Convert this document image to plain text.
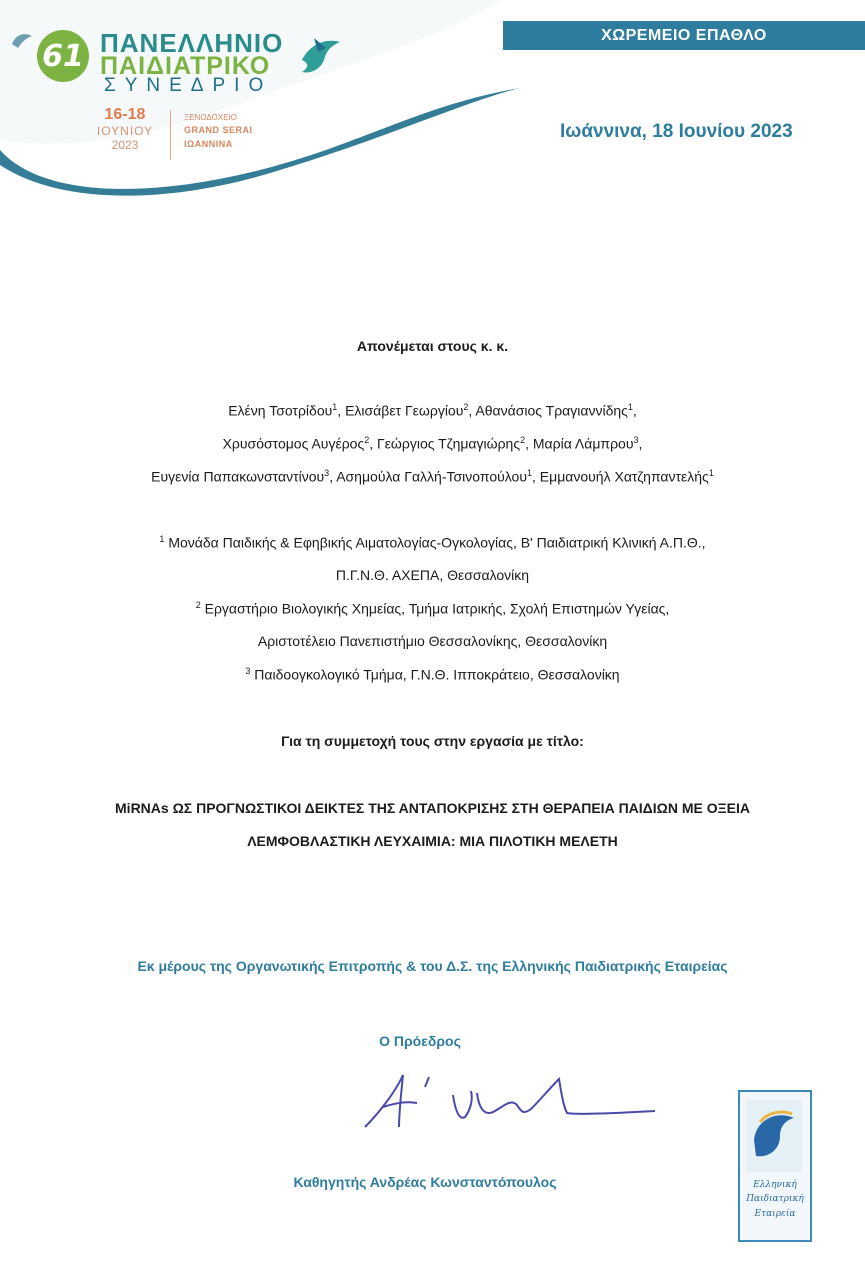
61 ΠΑΝΕΛΛΗΝΙΟ
ΠΑΙΔΙΑΤΡΙΚΟ
ΣΥΝΕΔΡΙΟ
16-18
ΙΟΥΝΙΟΥ
2023
ΞΕΝΟΔΟΧΕΙΟ
GRAND SERAI
ΙΩΑΝΝΙΝΑ
ΧΩΡΕΜΕΙΟ ΕΠΑΘΛΟ
Ιωάννινα, 18 Ιουνίου 2023
Απονέμεται στους κ. κ.
Ελένη Τσοτρίδου$^1$, Ελισάβετ Γεωργίου$^2$, Αθανάσιος Τραγιαννίδης$^1$,
Χρυσόστομος Αυγέρος$^2$, Γεώργιος Τζημαγιώρης$^2$, Μαρία Λάμπρου$^3$,
Ευγενία Παπακωνσταντίνου$^3$, Ασημούλα Γαλλή-Τσινοπούλου$^1$, Εμμανουήλ Χατζηπαντελής$^1$
$^1$ Μονάδα Παιδικής & Εφηβικής Αιματολογίας-Ογκολογίας, Β' Παιδιατρική Κλινική Α.Π.Θ.,
Π.Γ.Ν.Θ. ΑΧΕΠΑ, Θεσσαλονίκη
$^2$ Εργαστήριο Βιολογικής Χημείας, Τμήμα Ιατρικής, Σχολή Επιστημών Υγείας,
Αριστοτέλειο Πανεπιστήμιο Θεσσαλονίκης, Θεσσαλονίκη
$^3$ Παιδοογκολογικό Τμήμα, Γ.Ν.Θ. Ιπποκράτειο, Θεσσαλονίκη
Για τη συμμετοχή τους στην εργασία με τίτλο:
MiRNAs ΩΣ ΠΡΟΓΝΩΣΤΙΚΟΙ ΔΕΙΚΤΕΣ ΤΗΣ ΑΝΤΑΠΟΚΡΙΣΗΣ ΣΤΗ ΘΕΡΑΠΕΙΑ ΠΑΙΔΙΩΝ ΜΕ ΟΞΕΙΑ
ΛΕΜΦΟΒΛΑΣΤΙΚΗ ΛΕΥΧΑΙΜΙΑ: ΜΙΑ ΠΙΛΟΤΙΚΗ ΜΕΛΕΤΗ
Εκ μέρους της Οργανωτικής Επιτροπής & του Δ.Σ. της Ελληνικής Παιδιατρικής Εταιρείας
Ο Πρόεδρος
Καθηγητής Ανδρέας Κωνσταντόπουλος	Ελληνική
Παιδιατρική
Εταιρεία
